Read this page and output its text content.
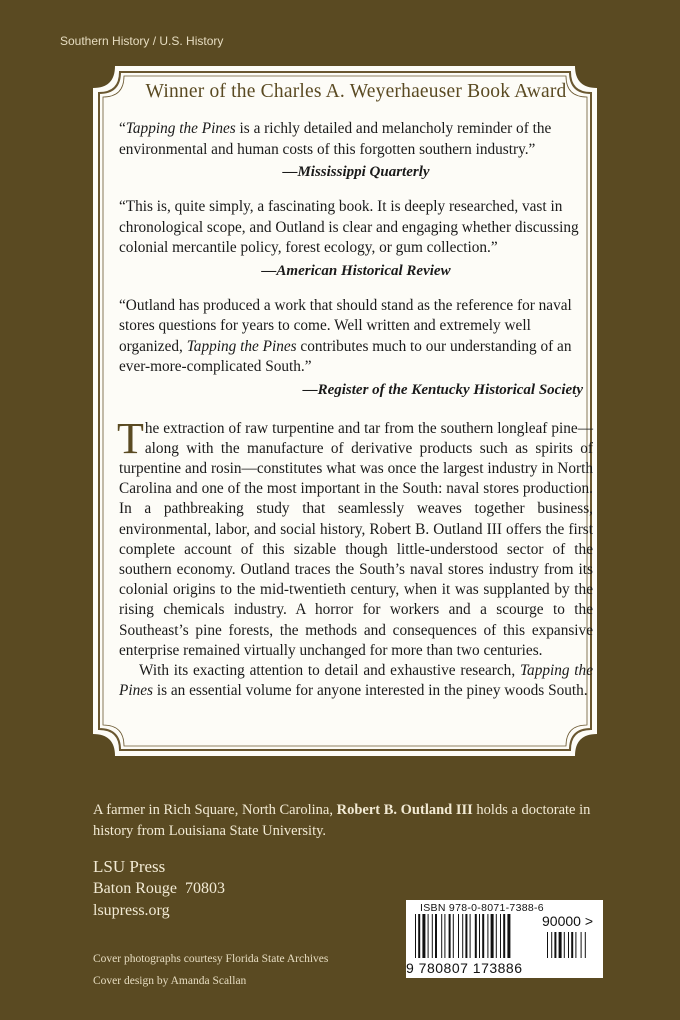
Southern History / U.S. History
Winner of the Charles A. Weyerhaeuser Book Award
“Tapping the Pines is a richly detailed and melancholy reminder of the environmental and human costs of this forgotten southern industry.”
—Mississippi Quarterly
“This is, quite simply, a fascinating book. It is deeply researched, vast in chronological scope, and Outland is clear and engaging whether discussing colonial mercantile policy, forest ecology, or gum collection.”
—American Historical Review
“Outland has produced a work that should stand as the reference for naval stores questions for years to come. Well written and extremely well organized, Tapping the Pines contributes much to our understanding of an ever-more-complicated South.”
—Register of the Kentucky Historical Society

The extraction of raw turpentine and tar from the southern longleaf pine—along with the manufacture of derivative products such as spirits of turpentine and rosin—constitutes what was once the largest industry in North Carolina and one of the most important in the South: naval stores production. In a pathbreaking study that seamlessly weaves together business, environmental, labor, and social history, Robert B. Outland III offers the first complete account of this sizable though little-understood sector of the southern economy. Outland traces the South’s naval stores industry from its colonial origins to the mid-twentieth century, when it was supplanted by the rising chemicals industry. A horror for workers and a scourge to the Southeast’s pine forests, the methods and consequences of this expansive enterprise remained virtually unchanged for more than two centuries.

With its exacting attention to detail and exhaustive research, Tapping the Pines is an essential volume for anyone interested in the piney woods South.

A farmer in Rich Square, North Carolina, Robert B. Outland III holds a doctorate in history from Louisiana State University.
LSU Press
Baton Rouge  70803
lsupress.org
Cover photographs courtesy Florida State Archives
Cover design by Amanda Scallan
ISBN 978-0-8071-7388-6
90000 >
9 780807 173886
